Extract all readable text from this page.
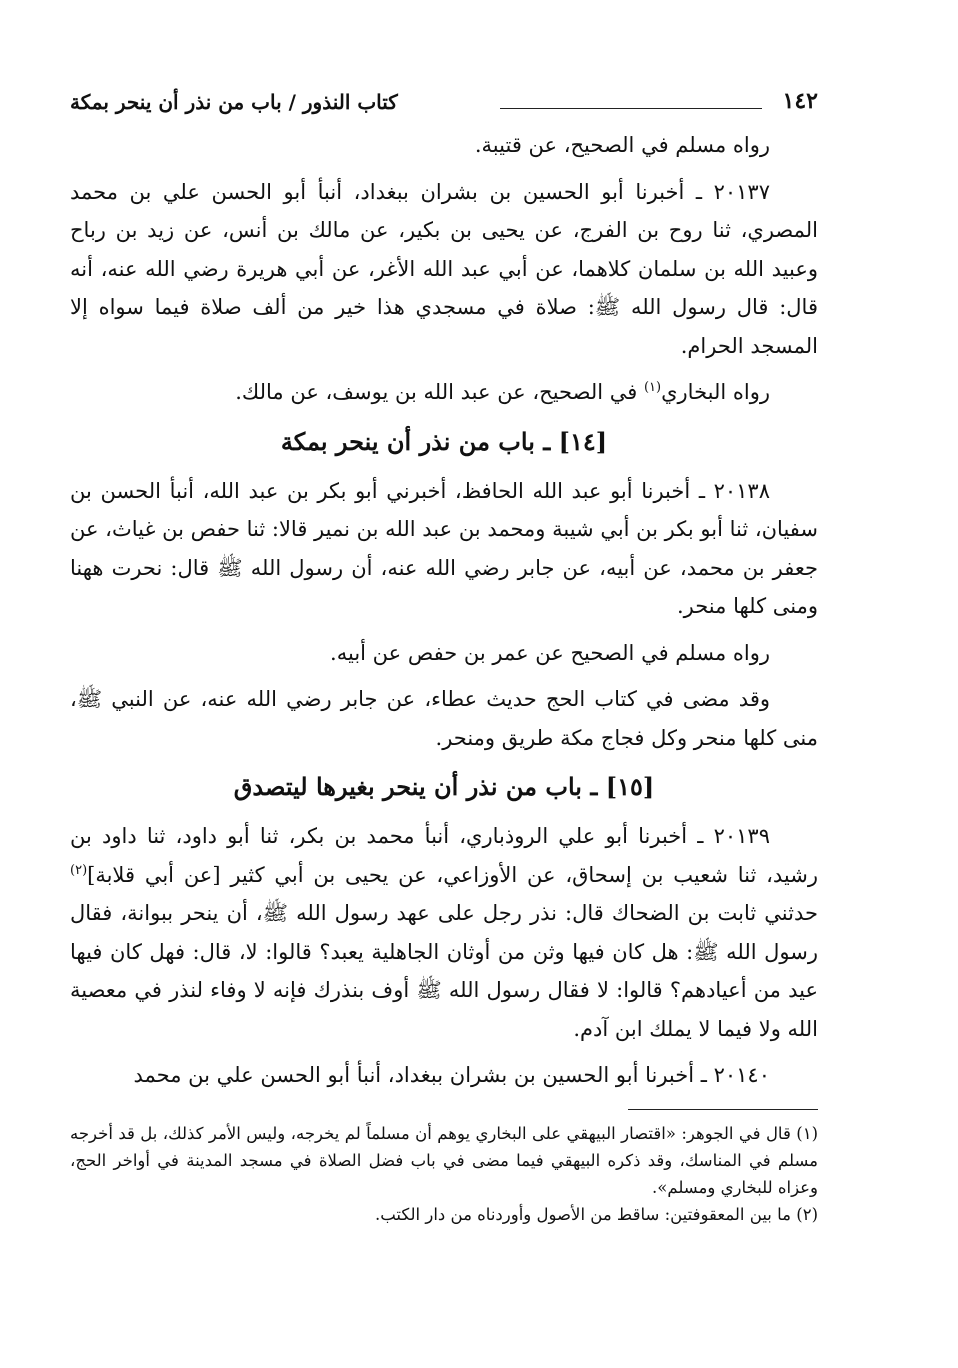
١٤٢
كتاب النذور / باب من نذر أن ينحر بمكة

رواه مسلم في الصحيح، عن قتيبة.

٢٠١٣٧ ـ أخبرنا أبو الحسين بن بشران ببغداد، أنبأ أبو الحسن علي بن محمد المصري، ثنا روح بن الفرج، عن يحيى بن بكير، عن مالك بن أنس، عن زيد بن رباح وعبيد الله بن سلمان كلاهما، عن أبي عبد الله الأغر، عن أبي هريرة رضي الله عنه، أنه قال: قال رسول الله ﷺ: صلاة في مسجدي هذا خير من ألف صلاة فيما سواه إلا المسجد الحرام.

رواه البخاري$^{(١)}$ في الصحيح، عن عبد الله بن يوسف، عن مالك.

[١٤] ـ باب من نذر أن ينحر بمكة

٢٠١٣٨ ـ أخبرنا أبو عبد الله الحافظ، أخبرني أبو بكر بن عبد الله، أنبأ الحسن بن سفيان، ثنا أبو بكر بن أبي شيبة ومحمد بن عبد الله بن نمير قالا: ثنا حفص بن غياث، عن جعفر بن محمد، عن أبيه، عن جابر رضي الله عنه، أن رسول الله ﷺ قال: نحرت ههنا ومنى كلها منحر.

رواه مسلم في الصحيح عن عمر بن حفص عن أبيه.

وقد مضى في كتاب الحج حديث عطاء، عن جابر رضي الله عنه، عن النبي ﷺ، منى كلها منحر وكل فجاج مكة طريق ومنحر.

[١٥] ـ باب من نذر أن ينحر بغيرها ليتصدق

٢٠١٣٩ ـ أخبرنا أبو علي الروذباري، أنبأ محمد بن بكر، ثنا أبو داود، ثنا داود بن رشيد، ثنا شعيب بن إسحاق، عن الأوزاعي، عن يحيى بن أبي كثير [عن أبي قلابة]$^{(٢)}$ حدثني ثابت بن الضحاك قال: نذر رجل على عهد رسول الله ﷺ، أن ينحر ببوانة، فقال رسول الله ﷺ: هل كان فيها وثن من أوثان الجاهلية يعبد؟ قالوا: لا، قال: فهل كان فيها عيد من أعيادهم؟ قالوا: لا فقال رسول الله ﷺ أوف بنذرك فإنه لا وفاء لنذر في معصية الله ولا فيما لا يملك ابن آدم.

٢٠١٤٠ ـ أخبرنا أبو الحسين بن بشران ببغداد، أنبأ أبو الحسن علي بن محمد

(١) قال في الجوهر: «اقتصار البيهقي على البخاري يوهم أن مسلماً لم يخرجه، وليس الأمر كذلك، بل قد أخرجه مسلم في المناسك، وقد ذكره البيهقي فيما مضى في باب فضل الصلاة في مسجد المدينة في أواخر الحج، وعزاه للبخاري ومسلم».

(٢) ما بين المعقوفتين: ساقط من الأصول وأوردناه من دار الكتب.
